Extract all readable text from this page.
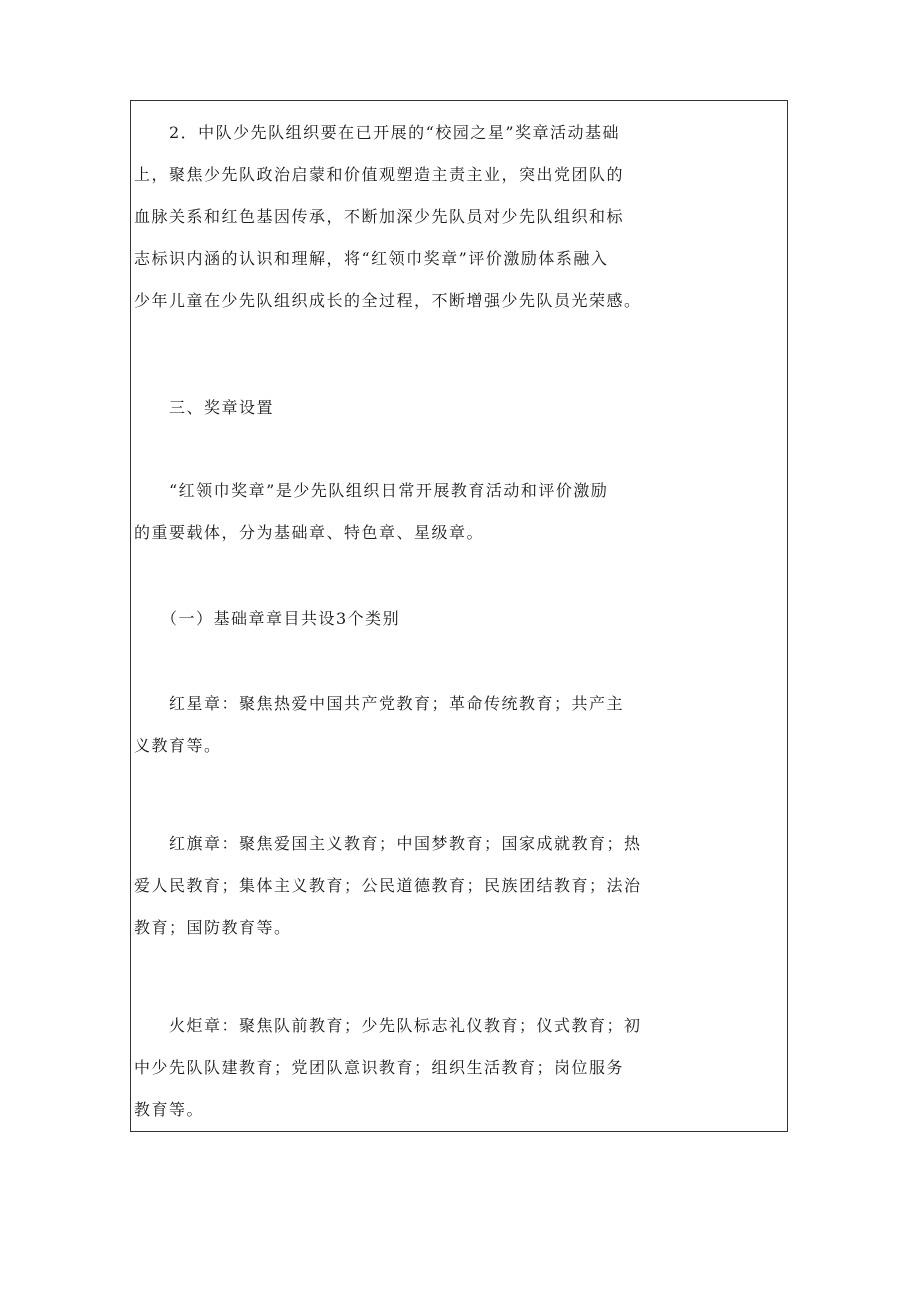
　　2．中队少先队组织要在已开展的“校园之星”奖章活动基础
上，聚焦少先队政治启蒙和价值观塑造主责主业，突出党团队的
血脉关系和红色基因传承，不断加深少先队员对少先队组织和标
志标识内涵的认识和理解，将“红领巾奖章”评价激励体系融入
少年儿童在少先队组织成长的全过程，不断增强少先队员光荣感。

　　三、奖章设置

　　“红领巾奖章”是少先队组织日常开展教育活动和评价激励
的重要载体，分为基础章、特色章、星级章。

　　（一）基础章章目共设3个类别

　　红星章：聚焦热爱中国共产党教育；革命传统教育；共产主
义教育等。

　　红旗章：聚焦爱国主义教育；中国梦教育；国家成就教育；热
爱人民教育；集体主义教育；公民道德教育；民族团结教育；法治
教育；国防教育等。

　　火炬章：聚焦队前教育；少先队标志礼仪教育；仪式教育；初
中少先队队建教育；党团队意识教育；组织生活教育；岗位服务
教育等。
